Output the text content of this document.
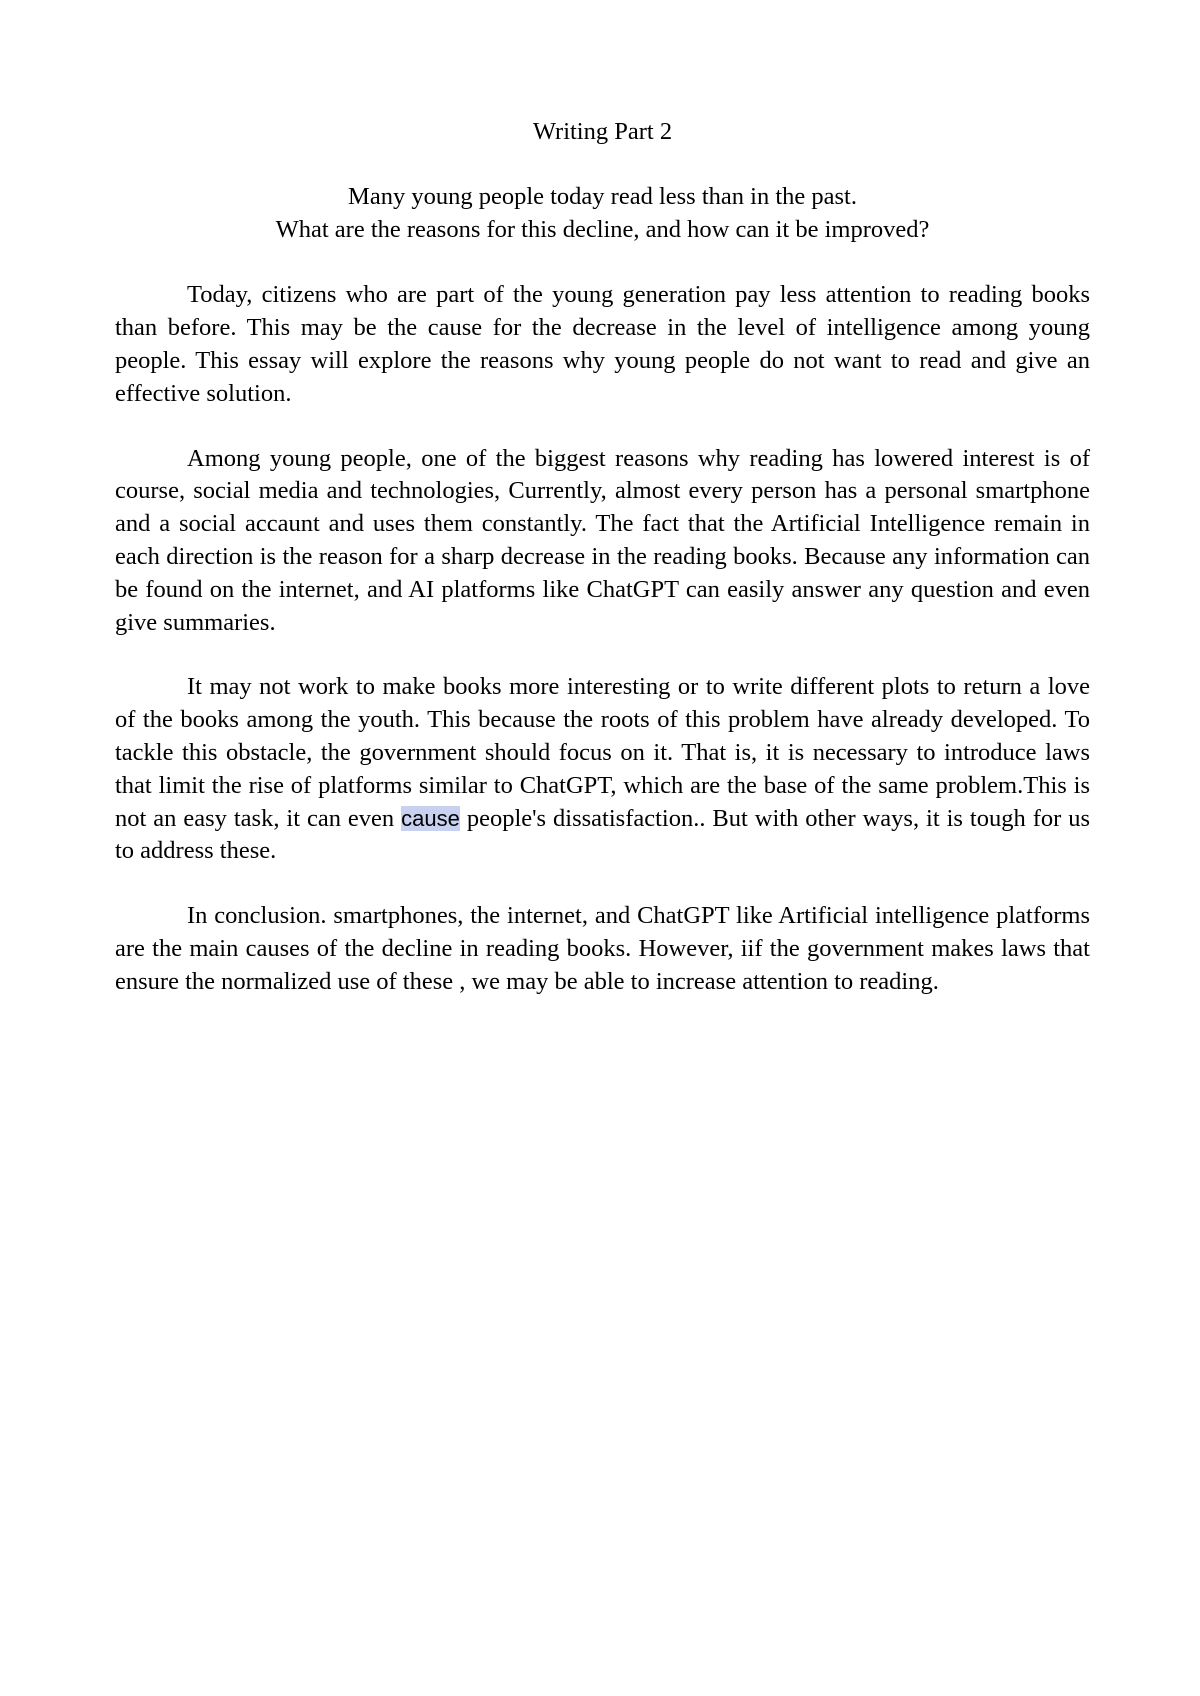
Writing Part 2
Many young people today read less than in the past.
What are the reasons for this decline, and how can it be improved?

Today, citizens who are part of the young generation pay less attention to reading books than before. This may be the cause for the decrease in the level of intelligence among young people. This essay will explore the reasons why young people do not want to read and give an effective solution.

Among young people, one of the biggest reasons why reading has lowered interest is of course, social media and technologies, Currently, almost every person has a personal smartphone and a social accaunt and uses them constantly. The fact that the Artificial Intelligence remain in each direction is the reason for a sharp decrease in the reading books. Because any information can be found on the internet, and AI platforms like ChatGPT can easily answer any question and even give summaries.

It may not work to make books more interesting or to write different plots to return a love of the books among the youth. This because the roots of this problem have already developed. To tackle this obstacle, the government should focus on it. That is, it is necessary to introduce laws that limit the rise of platforms similar to ChatGPT, which are the base of the same problem.This is not an easy task, it can even cause people's dissatisfaction.. But with other ways, it is tough for us to address these.

In conclusion. smartphones, the internet, and ChatGPT like Artificial intelligence platforms are the main causes of the decline in reading books. However, iif the government makes laws that ensure the normalized use of these , we may be able to increase attention to reading.
